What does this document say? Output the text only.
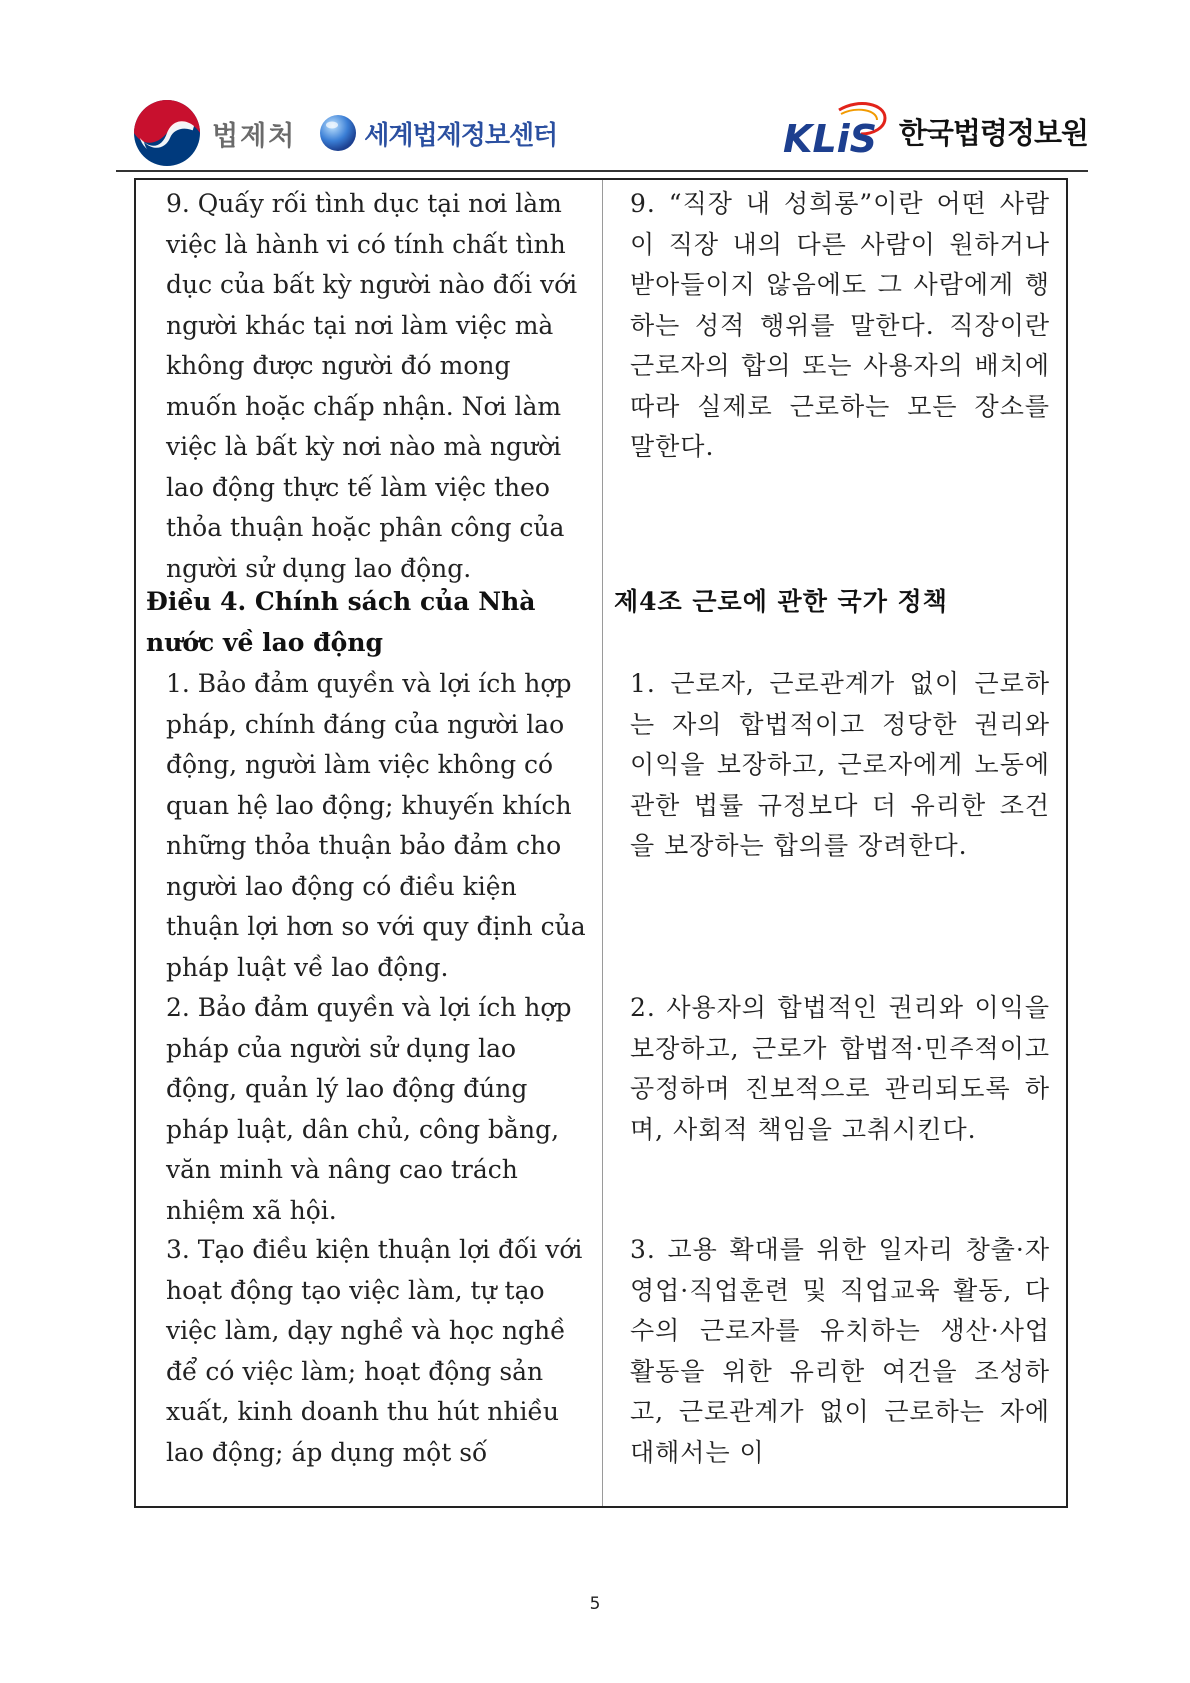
법제처	세계법제정보센터	KLiS 한국법령정보원
9. Quấy rối tình dục tại nơi làm việc là hành vi có tính chất tình dục của bất kỳ người nào đối với người khác tại nơi làm việc mà không được người đó mong muốn hoặc chấp nhận. Nơi làm việc là bất kỳ nơi nào mà người lao động thực tế làm việc theo thỏa thuận hoặc phân công của người sử dụng lao động.
9. “직장 내 성희롱”이란 어떤 사람이 직장 내의 다른 사람이 원하거나 받아들이지 않음에도 그 사람에게 행하는 성적 행위를 말한다. 직장이란 근로자의 합의 또는 사용자의 배치에 따라 실제로 근로하는 모든 장소를 말한다.
Điều 4. Chính sách của Nhà nước về lao động
제4조 근로에 관한 국가 정책
1. Bảo đảm quyền và lợi ích hợp pháp, chính đáng của người lao động, người làm việc không có quan hệ lao động; khuyến khích những thỏa thuận bảo đảm cho người lao động có điều kiện thuận lợi hơn so với quy định của pháp luật về lao động.
1. 근로자, 근로관계가 없이 근로하는 자의 합법적이고 정당한 권리와 이익을 보장하고, 근로자에게 노동에 관한 법률 규정보다 더 유리한 조건을 보장하는 합의를 장려한다.
2. Bảo đảm quyền và lợi ích hợp pháp của người sử dụng lao động, quản lý lao động đúng pháp luật, dân chủ, công bằng, văn minh và nâng cao trách nhiệm xã hội.
2. 사용자의 합법적인 권리와 이익을 보장하고, 근로가 합법적·민주적이고 공정하며 진보적으로 관리되도록 하며, 사회적 책임을 고취시킨다.
3. Tạo điều kiện thuận lợi đối với hoạt động tạo việc làm, tự tạo việc làm, dạy nghề và học nghề để có việc làm; hoạt động sản xuất, kinh doanh thu hút nhiều lao động; áp dụng một số
3. 고용 확대를 위한 일자리 창출·자영업·직업훈련 및 직업교육 활동, 다수의 근로자를 유치하는 생산·사업 활동을 위한 유리한 여건을 조성하고, 근로관계가 없이 근로하는 자에 대해서는 이
5
